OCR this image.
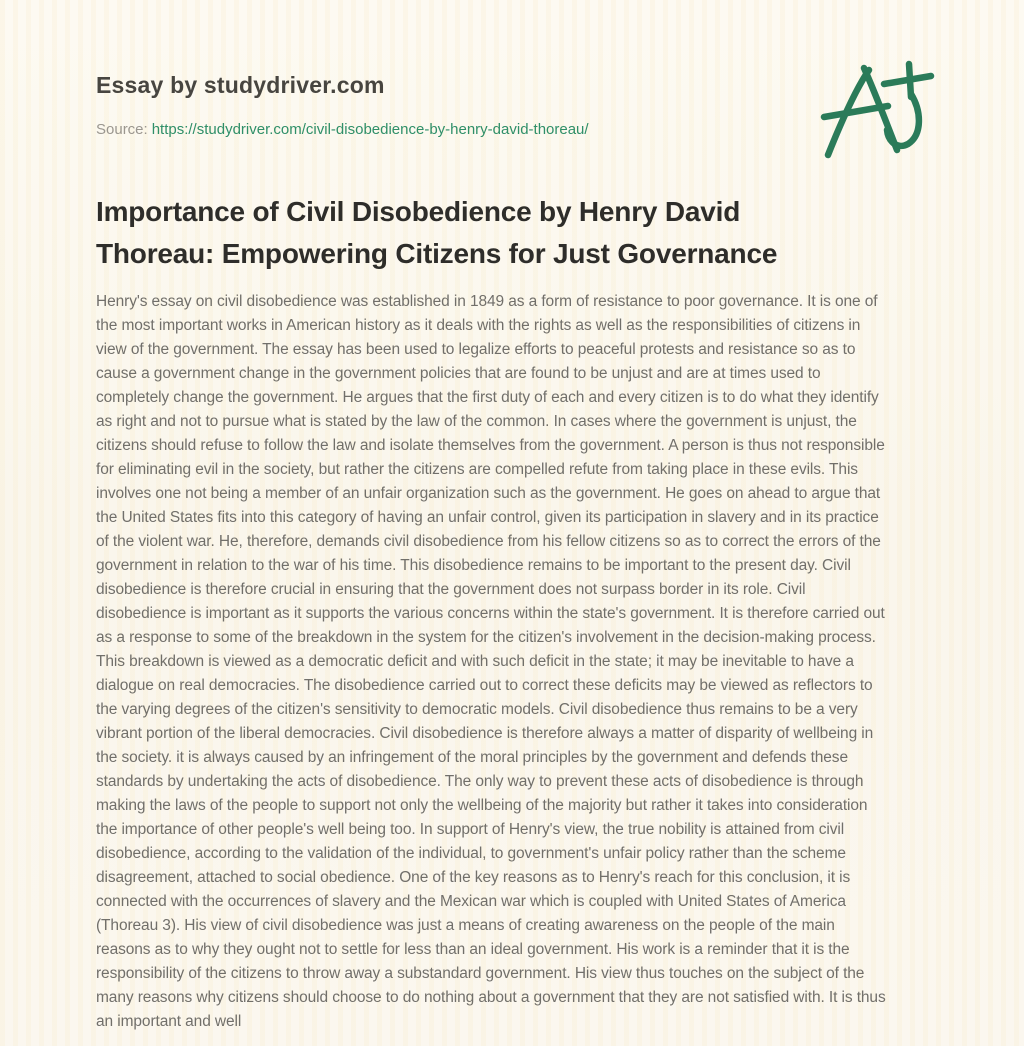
Essay by studydriver.com
Source: https://studydriver.com/civil-disobedience-by-henry-david-thoreau/
Importance of Civil Disobedience by Henry David Thoreau: Empowering Citizens for Just Governance
Henry's essay on civil disobedience was established in 1849 as a form of resistance to poor governance. It is one of
the most important works in American history as it deals with the rights as well as the responsibilities of citizens in
view of the government. The essay has been used to legalize efforts to peaceful protests and resistance so as to
cause a government change in the government policies that are found to be unjust and are at times used to
completely change the government. He argues that the first duty of each and every citizen is to do what they identify
as right and not to pursue what is stated by the law of the common. In cases where the government is unjust, the
citizens should refuse to follow the law and isolate themselves from the government. A person is thus not responsible
for eliminating evil in the society, but rather the citizens are compelled refute from taking place in these evils. This
involves one not being a member of an unfair organization such as the government. He goes on ahead to argue that
the United States fits into this category of having an unfair control, given its participation in slavery and in its practice
of the violent war. He, therefore, demands civil disobedience from his fellow citizens so as to correct the errors of the
government in relation to the war of his time. This disobedience remains to be important to the present day. Civil
disobedience is therefore crucial in ensuring that the government does not surpass border in its role. Civil
disobedience is important as it supports the various concerns within the state's government. It is therefore carried out
as a response to some of the breakdown in the system for the citizen's involvement in the decision-making process.
This breakdown is viewed as a democratic deficit and with such deficit in the state; it may be inevitable to have a
dialogue on real democracies. The disobedience carried out to correct these deficits may be viewed as reflectors to
the varying degrees of the citizen's sensitivity to democratic models. Civil disobedience thus remains to be a very
vibrant portion of the liberal democracies. Civil disobedience is therefore always a matter of disparity of wellbeing in
the society. it is always caused by an infringement of the moral principles by the government and defends these
standards by undertaking the acts of disobedience. The only way to prevent these acts of disobedience is through
making the laws of the people to support not only the wellbeing of the majority but rather it takes into consideration
the importance of other people's well being too. In support of Henry's view, the true nobility is attained from civil
disobedience, according to the validation of the individual, to government's unfair policy rather than the scheme
disagreement, attached to social obedience. One of the key reasons as to Henry's reach for this conclusion, it is
connected with the occurrences of slavery and the Mexican war which is coupled with United States of America
(Thoreau 3). His view of civil disobedience was just a means of creating awareness on the people of the main
reasons as to why they ought not to settle for less than an ideal government. His work is a reminder that it is the
responsibility of the citizens to throw away a substandard government. His view thus touches on the subject of the
many reasons why citizens should choose to do nothing about a government that they are not satisfied with. It is thus
an important and well
